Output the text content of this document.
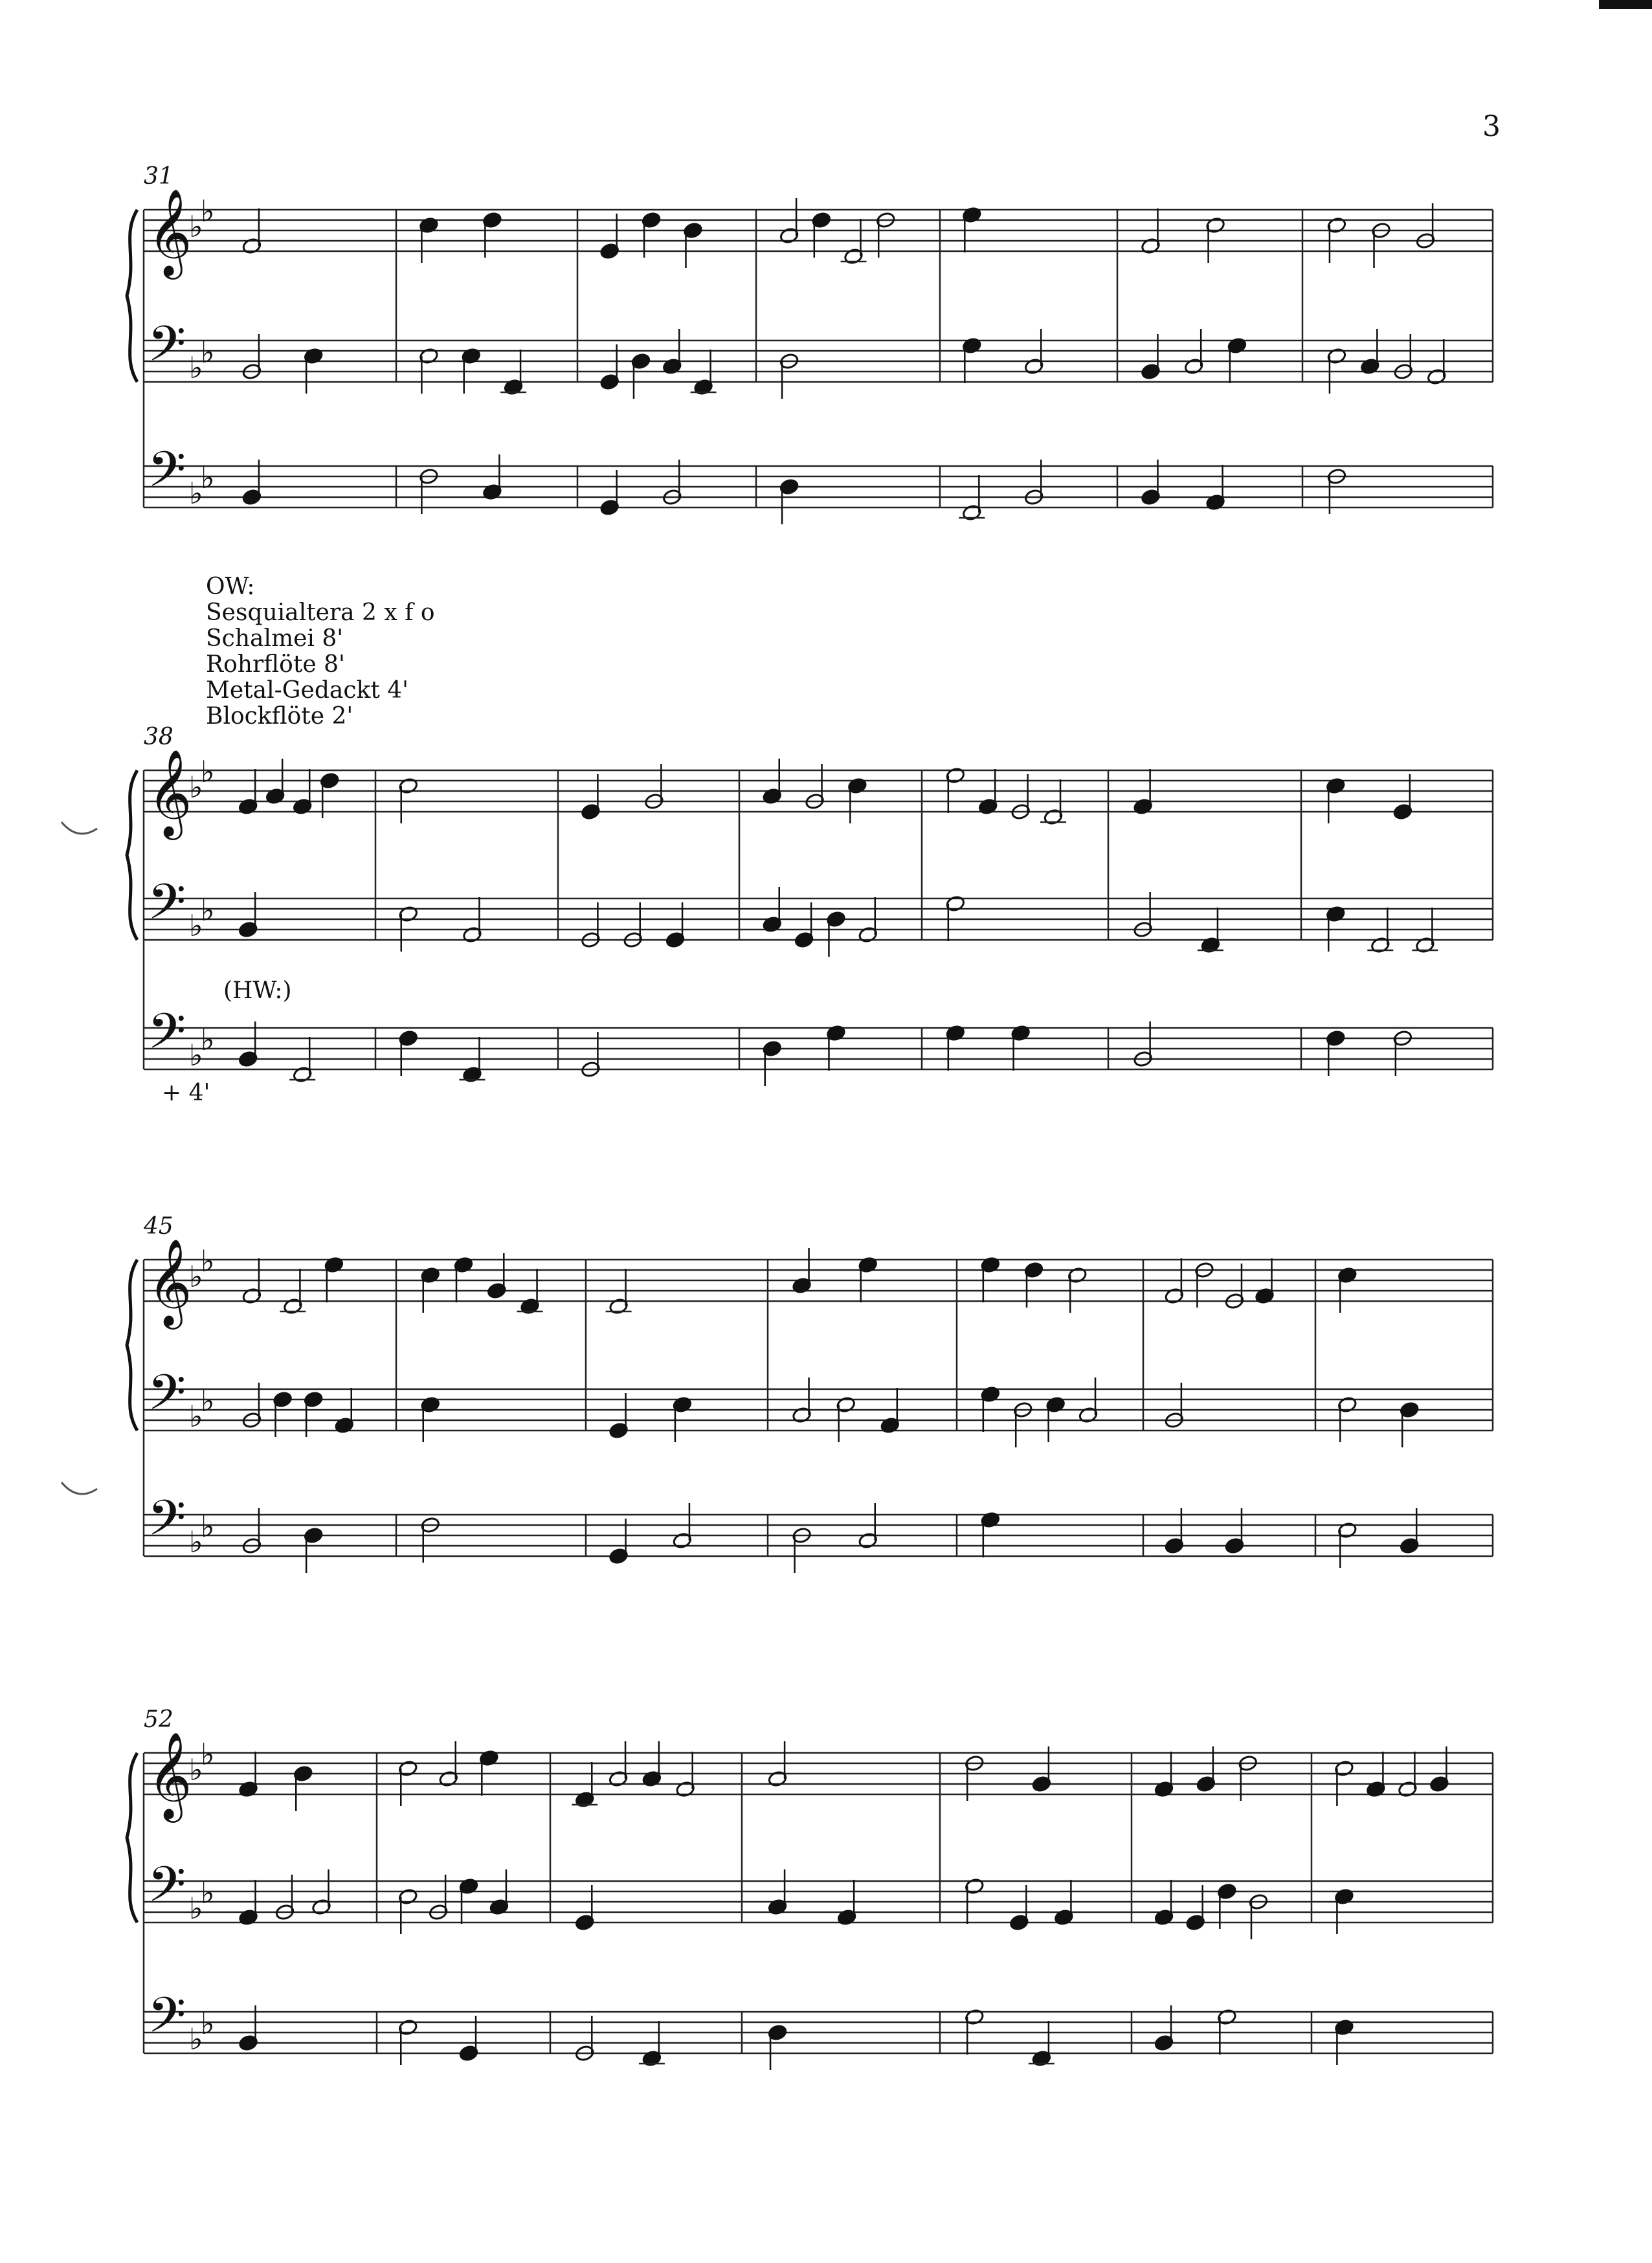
3
OW:
Sesquialtera 2 x f o
Schalmei 8'
Rohrflöte 8'
Metal-Gedackt 4'
Blockflöte 2'
(HW:)
+ 4'
31
𝄞
♭
♭
𝄢 ♭
♭
𝄢 ♭
♭
38
𝄞
♭
♭
𝄢 ♭
♭
𝄢 ♭
♭
45
𝄞
♭
♭
𝄢 ♭
♭
𝄢 ♭
♭
52
𝄞
♭
♭
𝄢 ♭
♭
𝄢 ♭
♭
